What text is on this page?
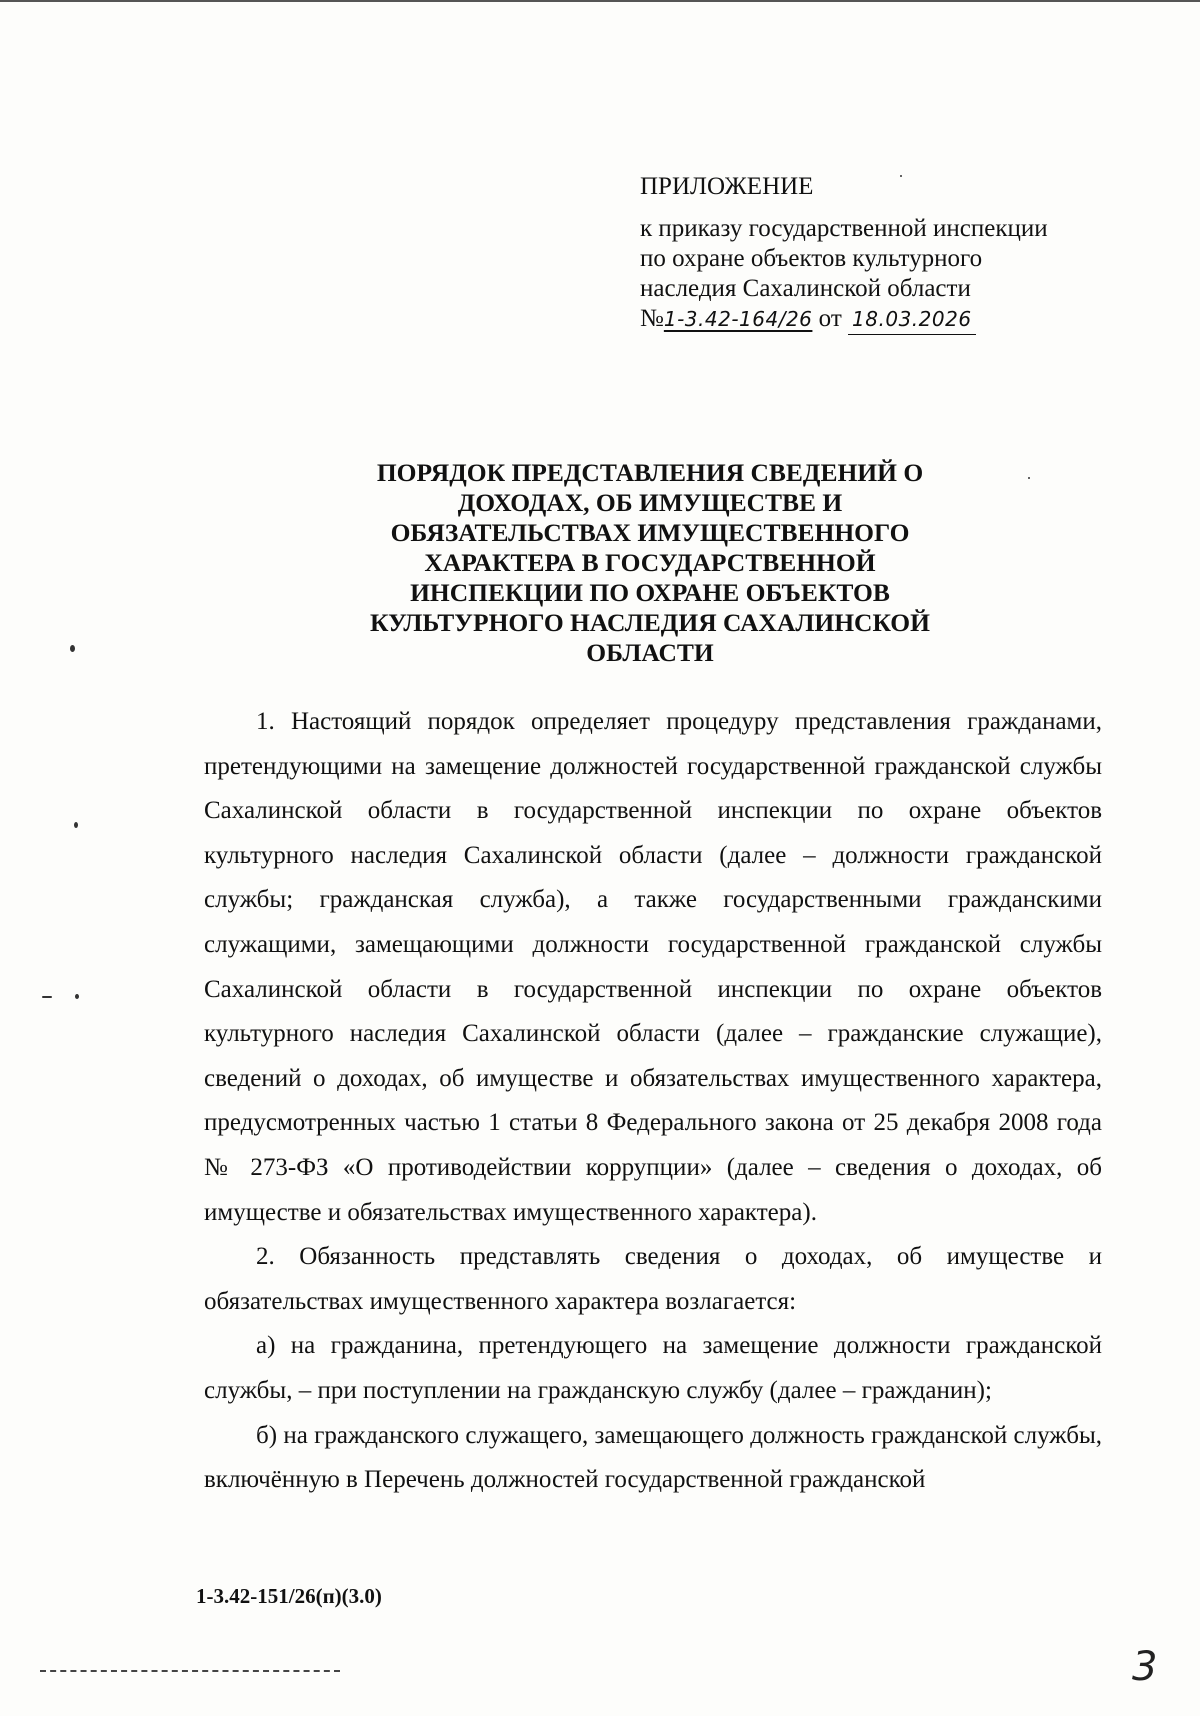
ПРИЛОЖЕНИЕ
к приказу государственной инспекции
по охране объектов культурного
наследия Сахалинской области
№1-3.42-164/26 от 18.03.2026
ПОРЯДОК ПРЕДСТАВЛЕНИЯ СВЕДЕНИЙ О
ДОХОДАХ, ОБ ИМУЩЕСТВЕ И
ОБЯЗАТЕЛЬСТВАХ ИМУЩЕСТВЕННОГО
ХАРАКТЕРА В ГОСУДАРСТВЕННОЙ
ИНСПЕКЦИИ ПО ОХРАНЕ ОБЪЕКТОВ
КУЛЬТУРНОГО НАСЛЕДИЯ САХАЛИНСКОЙ
ОБЛАСТИ

1. Настоящий порядок определяет процедуру представления гражданами, претендующими на замещение должностей государственной гражданской службы Сахалинской области в государственной инспекции по охране объектов культурного наследия Сахалинской области (далее – должности гражданской службы; гражданская служба), а также государственными гражданскими служащими, замещающими должности государственной гражданской службы Сахалинской области в государственной инспекции по охране объектов культурного наследия Сахалинской области (далее – гражданские служащие), сведений о доходах, об имуществе и обязательствах имущественного характера, предусмотренных частью 1 статьи 8 Федерального закона от 25 декабря 2008 года № 273-ФЗ «О противодействии коррупции» (далее – сведения о доходах, об имуществе и обязательствах имущественного характера).

2. Обязанность представлять сведения о доходах, об имуществе и обязательствах имущественного характера возлагается:

а) на гражданина, претендующего на замещение должности гражданской службы, – при поступлении на гражданскую службу (далее – гражданин);

б) на гражданского служащего, замещающего должность гражданской службы, включённую в Перечень должностей государственной гражданской

1-3.42-151/26(п)(3.0)
3
